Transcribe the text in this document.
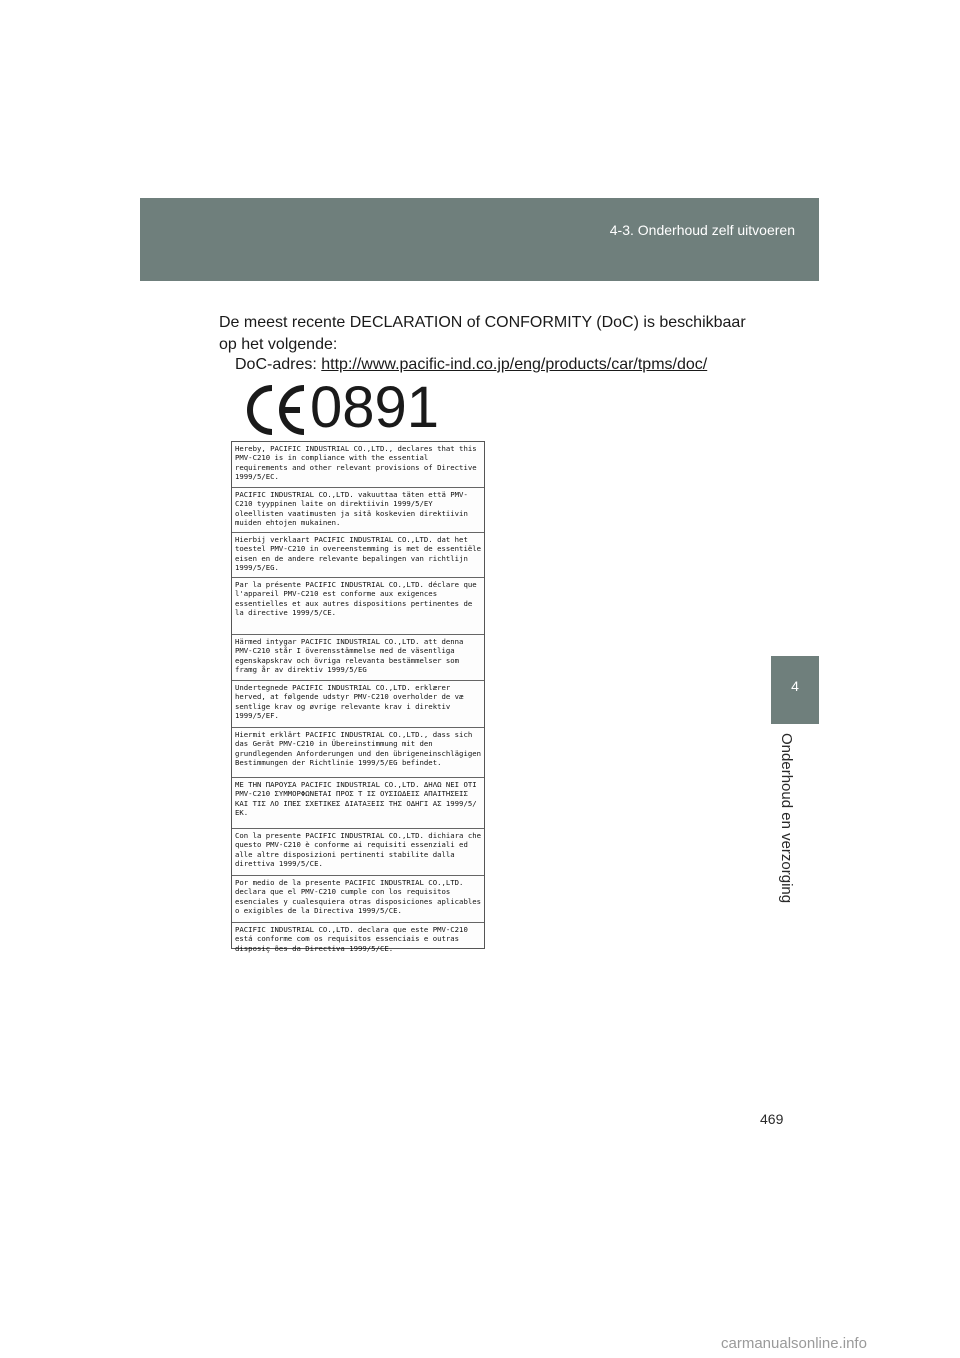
4-3. Onderhoud zelf uitvoeren
4
Onderhoud en verzorging
De meest recente DECLARATION of CONFORMITY (DoC) is beschikbaar op het volgende:
DoC-adres: http://www.pacific-ind.co.jp/eng/products/car/tpms/doc/
0891
Hereby, PACIFIC INDUSTRIAL CO.,LTD., declares that this PMV-C210 is in compliance with the essential requirements and other relevant provisions of Directive 1999/5/EC.
PACIFIC INDUSTRIAL CO.,LTD. vakuuttaa täten että PMV-C210 tyyppinen laite on direktiivin 1999/5/EY oleellisten vaatimusten ja sitä koskevien direktiivin muiden ehtojen mukainen.
Hierbij verklaart PACIFIC INDUSTRIAL CO.,LTD. dat het toestel PMV-C210 in overeenstemming is met de essentiële eisen en de andere relevante bepalingen van richtlijn 1999/5/EG.
Par la présente PACIFIC INDUSTRIAL CO.,LTD. déclare que l'appareil PMV-C210 est conforme aux exigences essentielles et aux autres dispositions pertinentes de la directive 1999/5/CE.
Härmed intygar PACIFIC INDUSTRIAL CO.,LTD. att denna PMV-C210 står I överensstämmelse med de väsentliga egenskapskrav och övriga relevanta bestämmelser som framg år av direktiv 1999/5/EG
Undertegnede PACIFIC INDUSTRIAL CO.,LTD. erklærer herved, at følgende udstyr PMV-C210 overholder de væ sentlige krav og øvrige relevante krav i direktiv 1999/5/EF.
Hiermit erklärt PACIFIC INDUSTRIAL CO.,LTD., dass sich das Gerät PMV-C210 in Übereinstimmung mit den grundlegenden Anforderungen und den übrigeneinschlägigen Bestimmungen der Richtlinie 1999/5/EG befindet.
ΜΕ ΤΗΝ ΠΑΡΟΥΣΑ PACIFIC INDUSTRIAL CO.,LTD. ΔΗΛΩ ΝΕΙ ΟΤΙ PMV-C210 ΣΥΜΜΟΡΦΩΝΕΤΑΙ ΠΡΟΣ Τ ΙΣ ΟΥΣΙΩΔΕΙΣ ΑΠΑΙΤΗΣΕΙΣ ΚΑΙ ΤΙΣ ΛΟ ΙΠΕΣ ΣΧΕΤΙΚΕΣ ΔΙΑΤΑΞΕΙΣ ΤΗΣ ΟΔΗΓΙ ΑΣ 1999/5/ΕΚ.
Con la presente PACIFIC INDUSTRIAL CO.,LTD. dichiara che questo PMV-C210 è conforme ai requisiti essenziali ed alle altre disposizioni pertinenti stabilite dalla direttiva 1999/5/CE.
Por medio de la presente PACIFIC INDUSTRIAL CO.,LTD. declara que el PMV-C210 cumple con los requisitos esenciales y cualesquiera otras disposiciones aplicables o exigibles de la Directiva 1999/5/CE.
PACIFIC INDUSTRIAL CO.,LTD. declara que este PMV-C210 está conforme com os requisitos essenciais e outras disposiç ões da Directiva 1999/5/CE.
469
carmanualsonline.info
